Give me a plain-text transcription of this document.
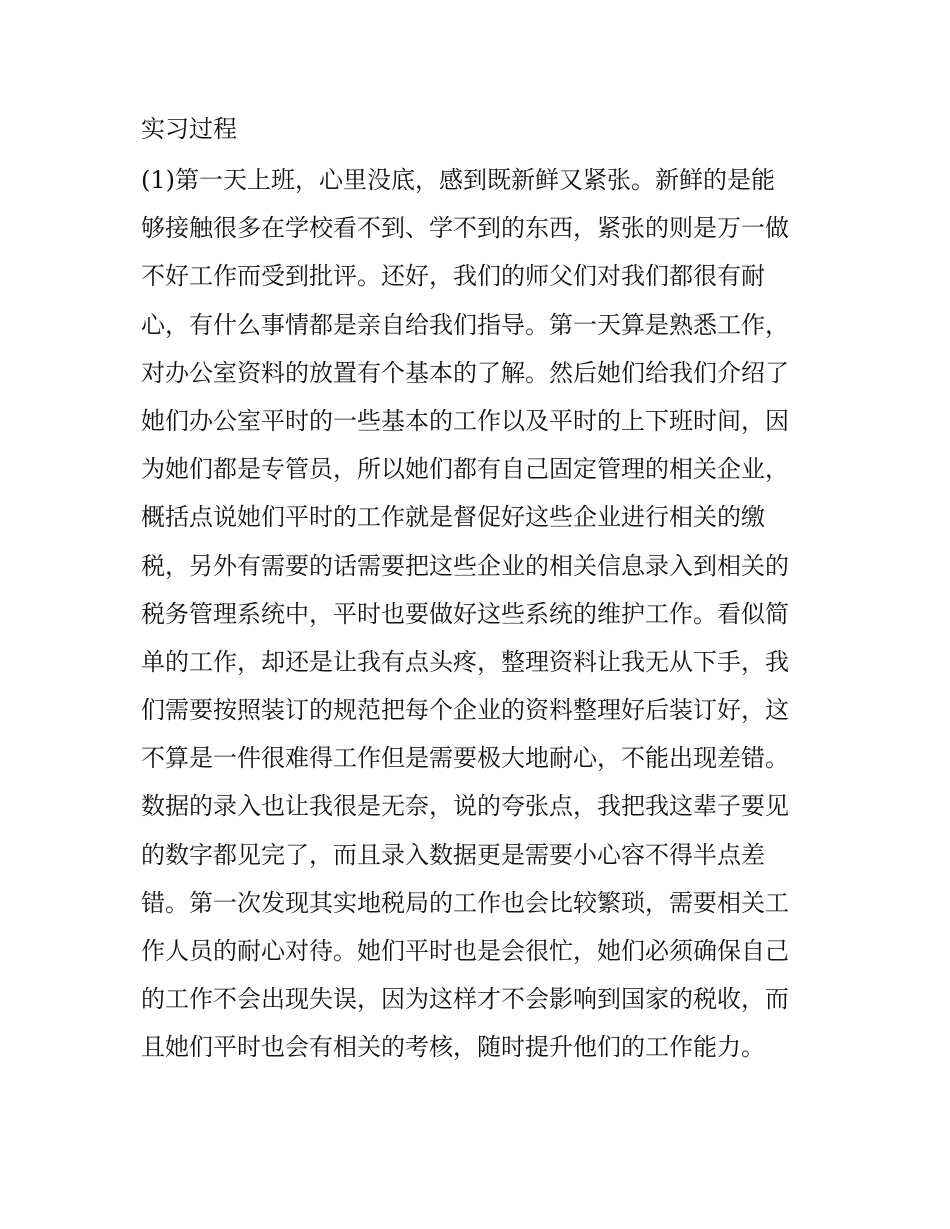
实习过程
(1)第一天上班，心里没底，感到既新鲜又紧张。新鲜的是能
够接触很多在学校看不到、学不到的东西，紧张的则是万一做
不好工作而受到批评。还好，我们的师父们对我们都很有耐
心，有什么事情都是亲自给我们指导。第一天算是熟悉工作，
对办公室资料的放置有个基本的了解。然后她们给我们介绍了
她们办公室平时的一些基本的工作以及平时的上下班时间，因
为她们都是专管员，所以她们都有自己固定管理的相关企业，
概括点说她们平时的工作就是督促好这些企业进行相关的缴
税，另外有需要的话需要把这些企业的相关信息录入到相关的
税务管理系统中，平时也要做好这些系统的维护工作。看似简
单的工作，却还是让我有点头疼，整理资料让我无从下手，我
们需要按照装订的规范把每个企业的资料整理好后装订好，这
不算是一件很难得工作但是需要极大地耐心，不能出现差错。
数据的录入也让我很是无奈，说的夸张点，我把我这辈子要见
的数字都见完了，而且录入数据更是需要小心容不得半点差
错。第一次发现其实地税局的工作也会比较繁琐，需要相关工
作人员的耐心对待。她们平时也是会很忙，她们必须确保自己
的工作不会出现失误，因为这样才不会影响到国家的税收，而
且她们平时也会有相关的考核，随时提升他们的工作能力。
